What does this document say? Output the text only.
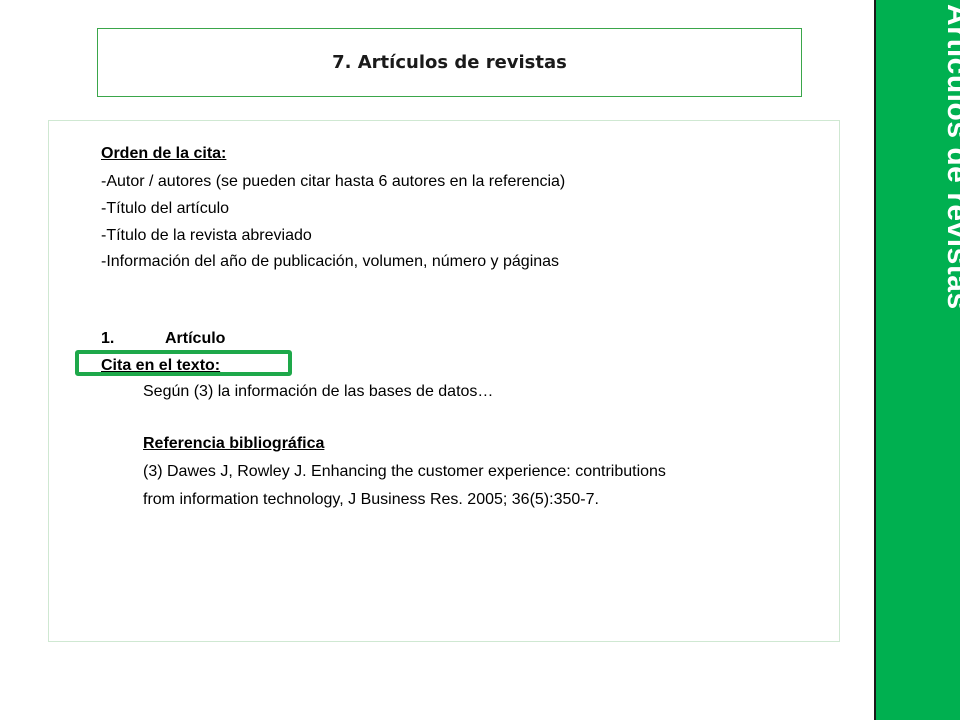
7. Artículos de revistas
Orden de la cita:
-Autor / autores (se pueden citar hasta 6 autores en la referencia)
-Título del artículo
-Título de la revista abreviado
-Información del año de publicación, volumen, número y páginas
1.	Artículo
Cita en el texto:
Según (3) la información de las bases de datos…
Referencia bibliográfica
(3) Dawes J, Rowley J. Enhancing the customer experience: contributions
from information technology, J Business Res. 2005; 36(5):350-7.
Artículos de revistas
